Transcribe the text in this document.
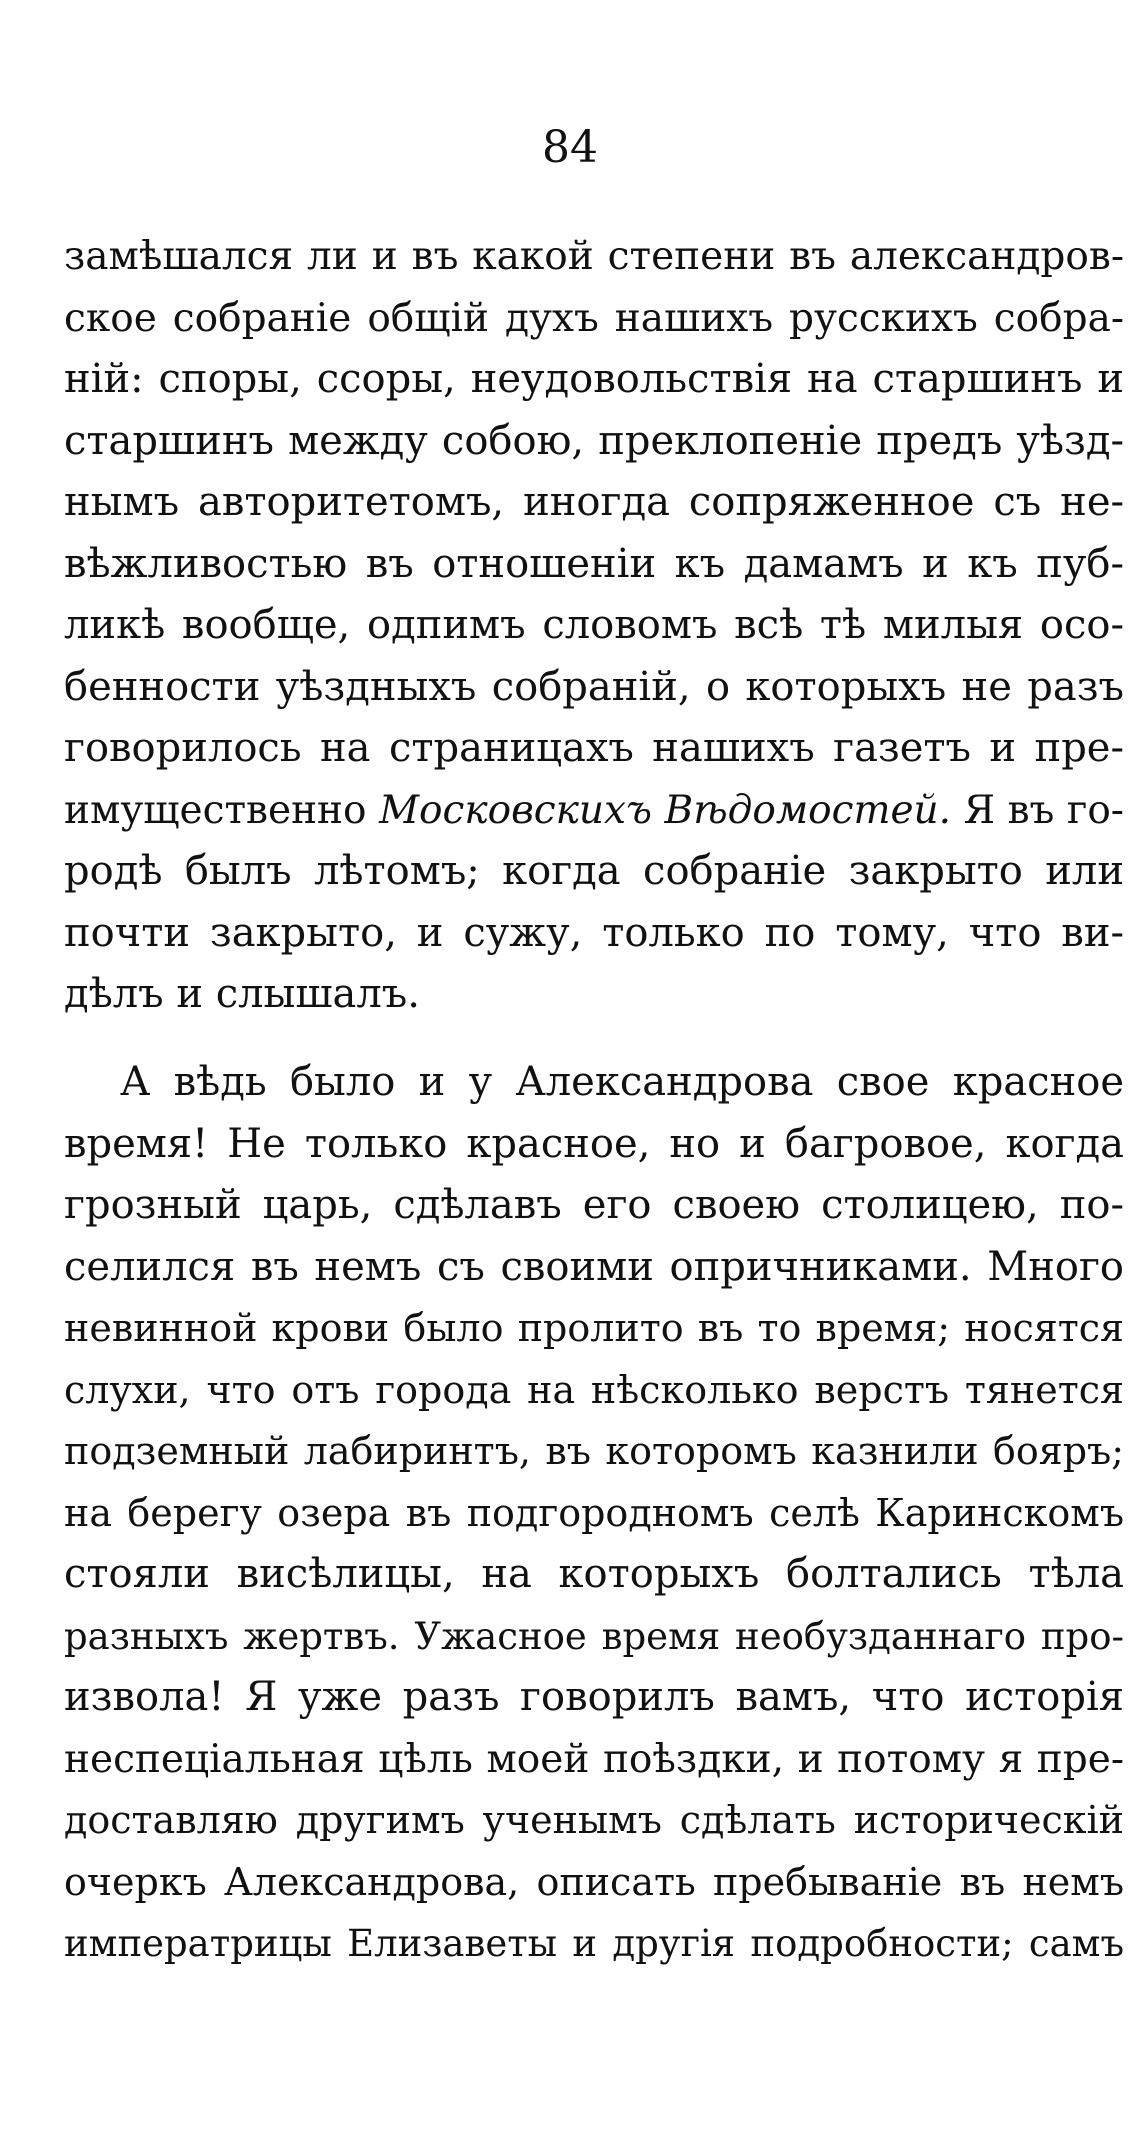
84
замѣшался ли и въ какой степени въ александров-
ское собраніе общій духъ нашихъ русскихъ собра-
ній: споры, ссоры, неудовольствія на старшинъ и
старшинъ между собою, преклопеніе предъ уѣзд-
нымъ авторитетомъ, иногда сопряженное съ не-
вѣжливостью въ отношеніи къ дамамъ и къ пуб-
ликѣ вообще, одпимъ словомъ всѣ тѣ милыя осо-
бенности уѣздныхъ собраній, о которыхъ не разъ
говорилось на страницахъ нашихъ газетъ и пре-
имущественно Московскихъ Вѣдомостей. Я въ го-
родѣ былъ лѣтомъ; когда собраніе закрыто или
почти закрыто, и сужу, только по тому, что ви-
дѣлъ и слышалъ.
А вѣдь было и у Александрова свое красное
время! Не только красное, но и багровое, когда
грозный царь, сдѣлавъ его своею столицею, по-
селился въ немъ съ своими опричниками. Много
невинной крови было пролито въ то время; носятся
слухи, что отъ города на нѣсколько верстъ тянется
подземный лабиринтъ, въ которомъ казнили бояръ;
на берегу озера въ подгородномъ селѣ Каринскомъ
стояли висѣлицы, на которыхъ болтались тѣла
разныхъ жертвъ. Ужасное время необузданнаго про-
извола! Я уже разъ говорилъ вамъ, что исторія
неспеціальная цѣль моей поѣздки, и потому я пре-
доставляю другимъ ученымъ сдѣлать историческій
очеркъ Александрова, описать пребываніе въ немъ
императрицы Елизаветы и другія подробности; самъ
